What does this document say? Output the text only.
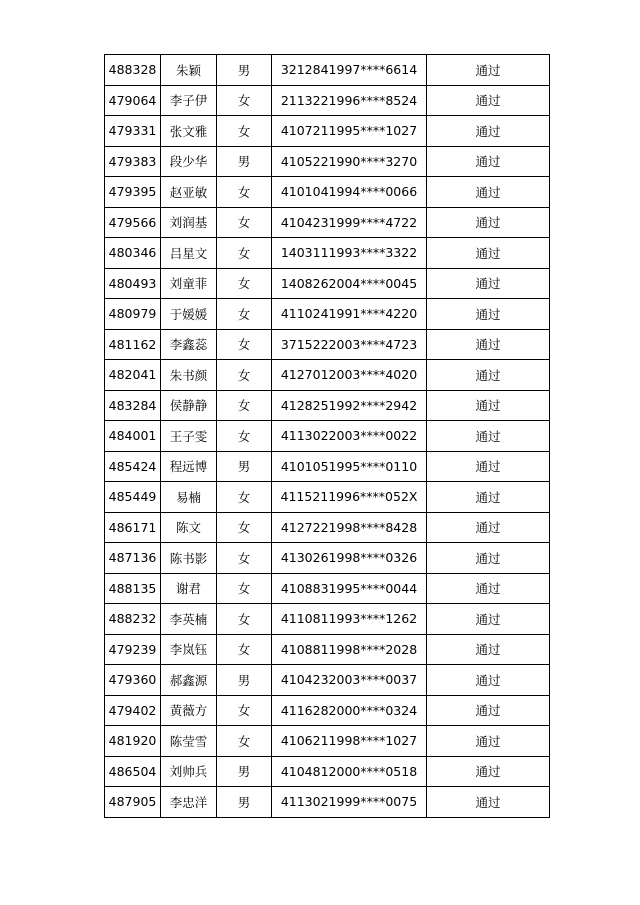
488328	朱颖	男	3212841997****6614	通过
479064	李子伊	女	2113221996****8524	通过
479331	张文雅	女	4107211995****1027	通过
479383	段少华	男	4105221990****3270	通过
479395	赵亚敏	女	4101041994****0066	通过
479566	刘润基	女	4104231999****4722	通过
480346	吕星文	女	1403111993****3322	通过
480493	刘童菲	女	1408262004****0045	通过
480979	于媛媛	女	4110241991****4220	通过
481162	李鑫蕊	女	3715222003****4723	通过
482041	朱书颜	女	4127012003****4020	通过
483284	侯静静	女	4128251992****2942	通过
484001	王子雯	女	4113022003****0022	通过
485424	程远博	男	4101051995****0110	通过
485449	易楠	女	4115211996****052X	通过
486171	陈文	女	4127221998****8428	通过
487136	陈书影	女	4130261998****0326	通过
488135	谢君	女	4108831995****0044	通过
488232	李英楠	女	4110811993****1262	通过
479239	李岚钰	女	4108811998****2028	通过
479360	郝鑫源	男	4104232003****0037	通过
479402	黄薇方	女	4116282000****0324	通过
481920	陈莹雪	女	4106211998****1027	通过
486504	刘帅兵	男	4104812000****0518	通过
487905	李忠洋	男	4113021999****0075	通过
